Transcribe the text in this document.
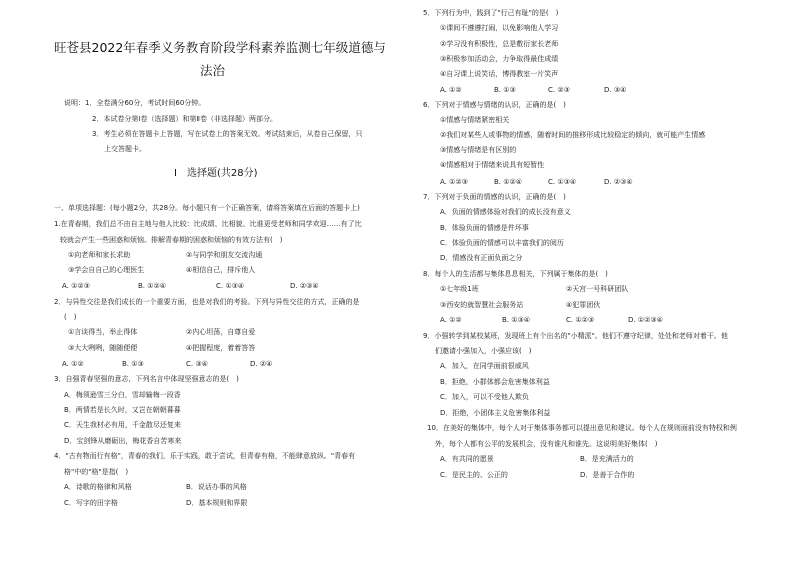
旺苍县2022年春季义务教育阶段学科素养监测七年级道德与
法治
说明：1．全卷满分60分，考试时间60分钟。
2．本试卷分第Ⅰ卷（选择题）和第Ⅱ卷（非选择题）两部分。
3．考生必须在答题卡上答题，写在试卷上的答案无效。考试结束后，从卷自己保留，只
上交答题卡。
Ⅰ　选择题(共28分)
一、单项选择题：(每小题2分，共28分。每小题只有一个正确答案，请将答案填在后面的答题卡上)
1.在青春期，我们总不由自主地与他人比较：比成绩、比相貌、比谁更受老师和同学欢迎……有了比
较就会产生一些困惑和烦恼。排解青春期的困惑和烦恼的有效方法有(　)
①向老师和家长求助	②与同学和朋友交流沟通
③学会自自己的心理医生	④相信自己，排斥他人
A. ①②③	B. ①②④	C. ①③④	D. ②③④
2．与异性交往是我们成长的一个重要方面，也是对我们的考验。下列与异性交往的方式，正确的是
(　)
①言谈得当，举止得体	②内心坦荡，自尊自爱
③大大咧咧，随随便便	④把握程度，着着答答
A. ①②	B. ①③	C. ③④	D. ②④
3．自强青春坚强的意志，下列名言中体现坚强意志的是(　)
A．梅须逊雪三分白，雪却输梅一段香
B．两情若是长久时，又岂在朝朝暮暮
C．天生我材必有用，千金散尽还复来
D．宝剑锋从磨砺出，梅花香自苦寒来
4．"古有物而行有格"，青春的我们，乐于实践，敢于尝试，但青春有格，不能肆意放纵。"青春有
格"中的"格"是指(　)
A．诗歌的格律和风格	B．说话办事的风格
C．写字的田字格	D．基本规则和界限
5．下列行为中，践到了"行己有耻"的是(　)
①课间不遵遵打闹，以免影响他人学习
②学习没有积极性，总是敷衍家长老师
③积极参加活动会，力争取得最佳成绩
④自习课上说笑话，博得教室一片笑声
A. ①②	B. ①③	C. ②③	D. ③④
6．下列对于情感与情绪的认识，正确的是(　)
①情感与情绪紧密相关
②我们对某些人或事物的情感，随着时间的推移形成比较稳定的倾向，就可能产生情感
③情感与情绪是有区别的
④情感相对于情绪来说具有短暂性
A. ①②③	B. ①②④	C. ①③④	D. ②③④
7．下列对于负面的情感的认识，正确的是(　)
A．负面的情感体验对我们的成长没有意义
B．体验负面的情感是件坏事
C．体验负面的情感可以丰富我们的阅历
D．情感没有正面负面之分
8．每个人的生活都与集体息息相关，下列属于集体的是(　)
①七年级1班	②天宫一号科研团队
③西安的就智慧社会服务站	④犯罪团伙
A. ①②	B. ①③④	C. ①②③	D. ①②③④
9．小强转学到某校某班，发现班上有个出名的"小精派"。他们不遵守纪律，处处和老师对着干。他
们邀请小强加入，小强应该(　)
A．加入，在同学面前很威风
B．拒绝，小群体都会危害集体利益
C．加入，可以不受他人欺负
D．拒绝，小团体主义危害集体利益
10．在美好的集体中，每个人对于集体事务都可以提出意见和建议。每个人在规则面前没有特权和例
外，每个人都有公平的发展机会，没有谁凡和谁先。这说明美好集体(　)
A．有共同的愿景	B．是充满活力的
C．是民主的、公正的	D．是善于合作的
